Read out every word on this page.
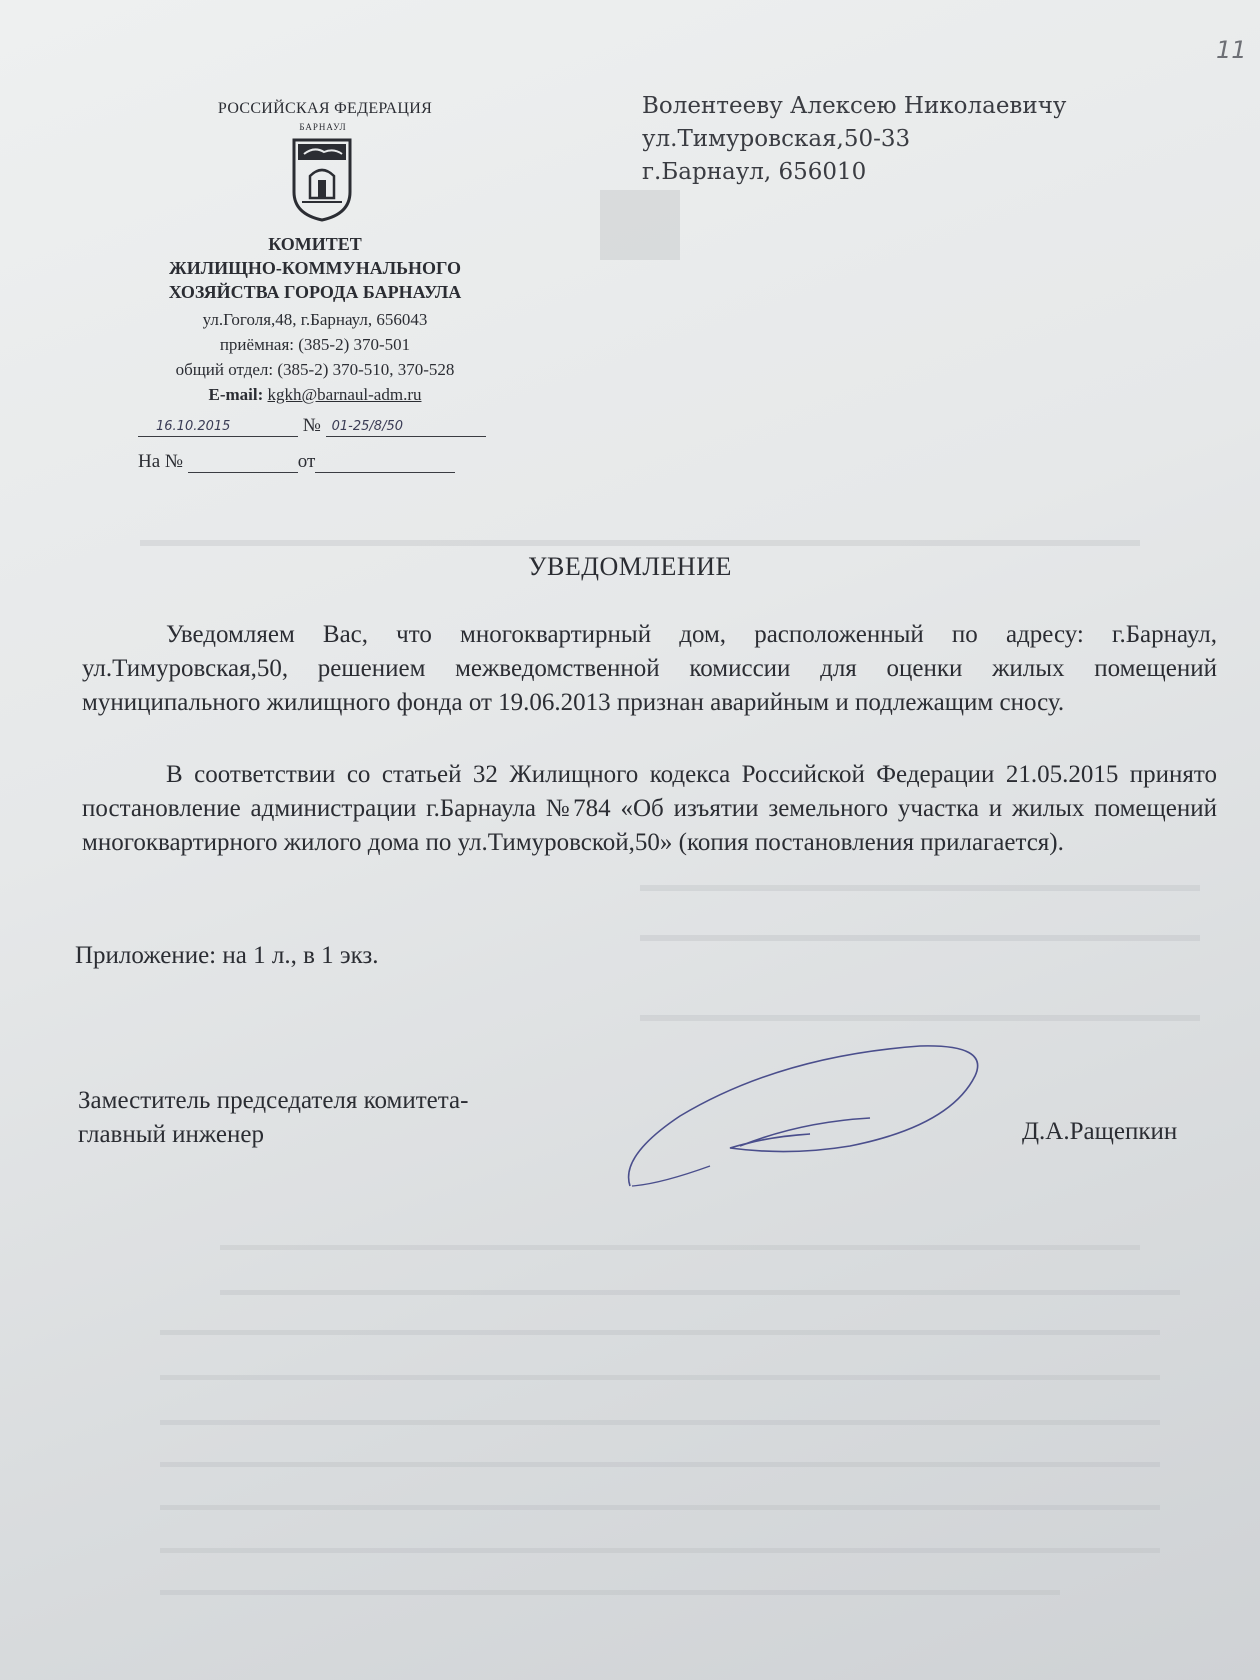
11
РОССИЙСКАЯ ФЕДЕРАЦИЯ
БАРНАУЛ
КОМИТЕТ
ЖИЛИЩНО-КОММУНАЛЬНОГО
ХОЗЯЙСТВА ГОРОДА БАРНАУЛА
ул.Гоголя,48, г.Барнаул, 656043
приёмная: (385-2) 370-501
общий отдел: (385-2) 370-510, 370-528
E-mail: kgkh@barnaul-adm.ru
16.10.2015	№ 01-25/8/50
На №	от
Волентееву Алексею Николаевичу
ул.Тимуровская,50-33
г.Барнаул, 656010
УВЕДОМЛЕНИЕ
Уведомляем Вас, что многоквартирный дом, расположенный по адресу: г.Барнаул, ул.Тимуровская,50, решением межведомственной комиссии для оценки жилых помещений муниципального жилищного фонда от 19.06.2013 признан аварийным и подлежащим сносу.
В соответствии со статьей 32 Жилищного кодекса Российской Федерации 21.05.2015 принято постановление администрации г.Барнаула №784 «Об изъятии земельного участка и жилых помещений многоквартирного жилого дома по ул.Тимуровской,50» (копия постановления прилагается).
Приложение: на 1 л., в 1 экз.
Заместитель председателя комитета-
главный инженер	Д.А.Ращепкин
